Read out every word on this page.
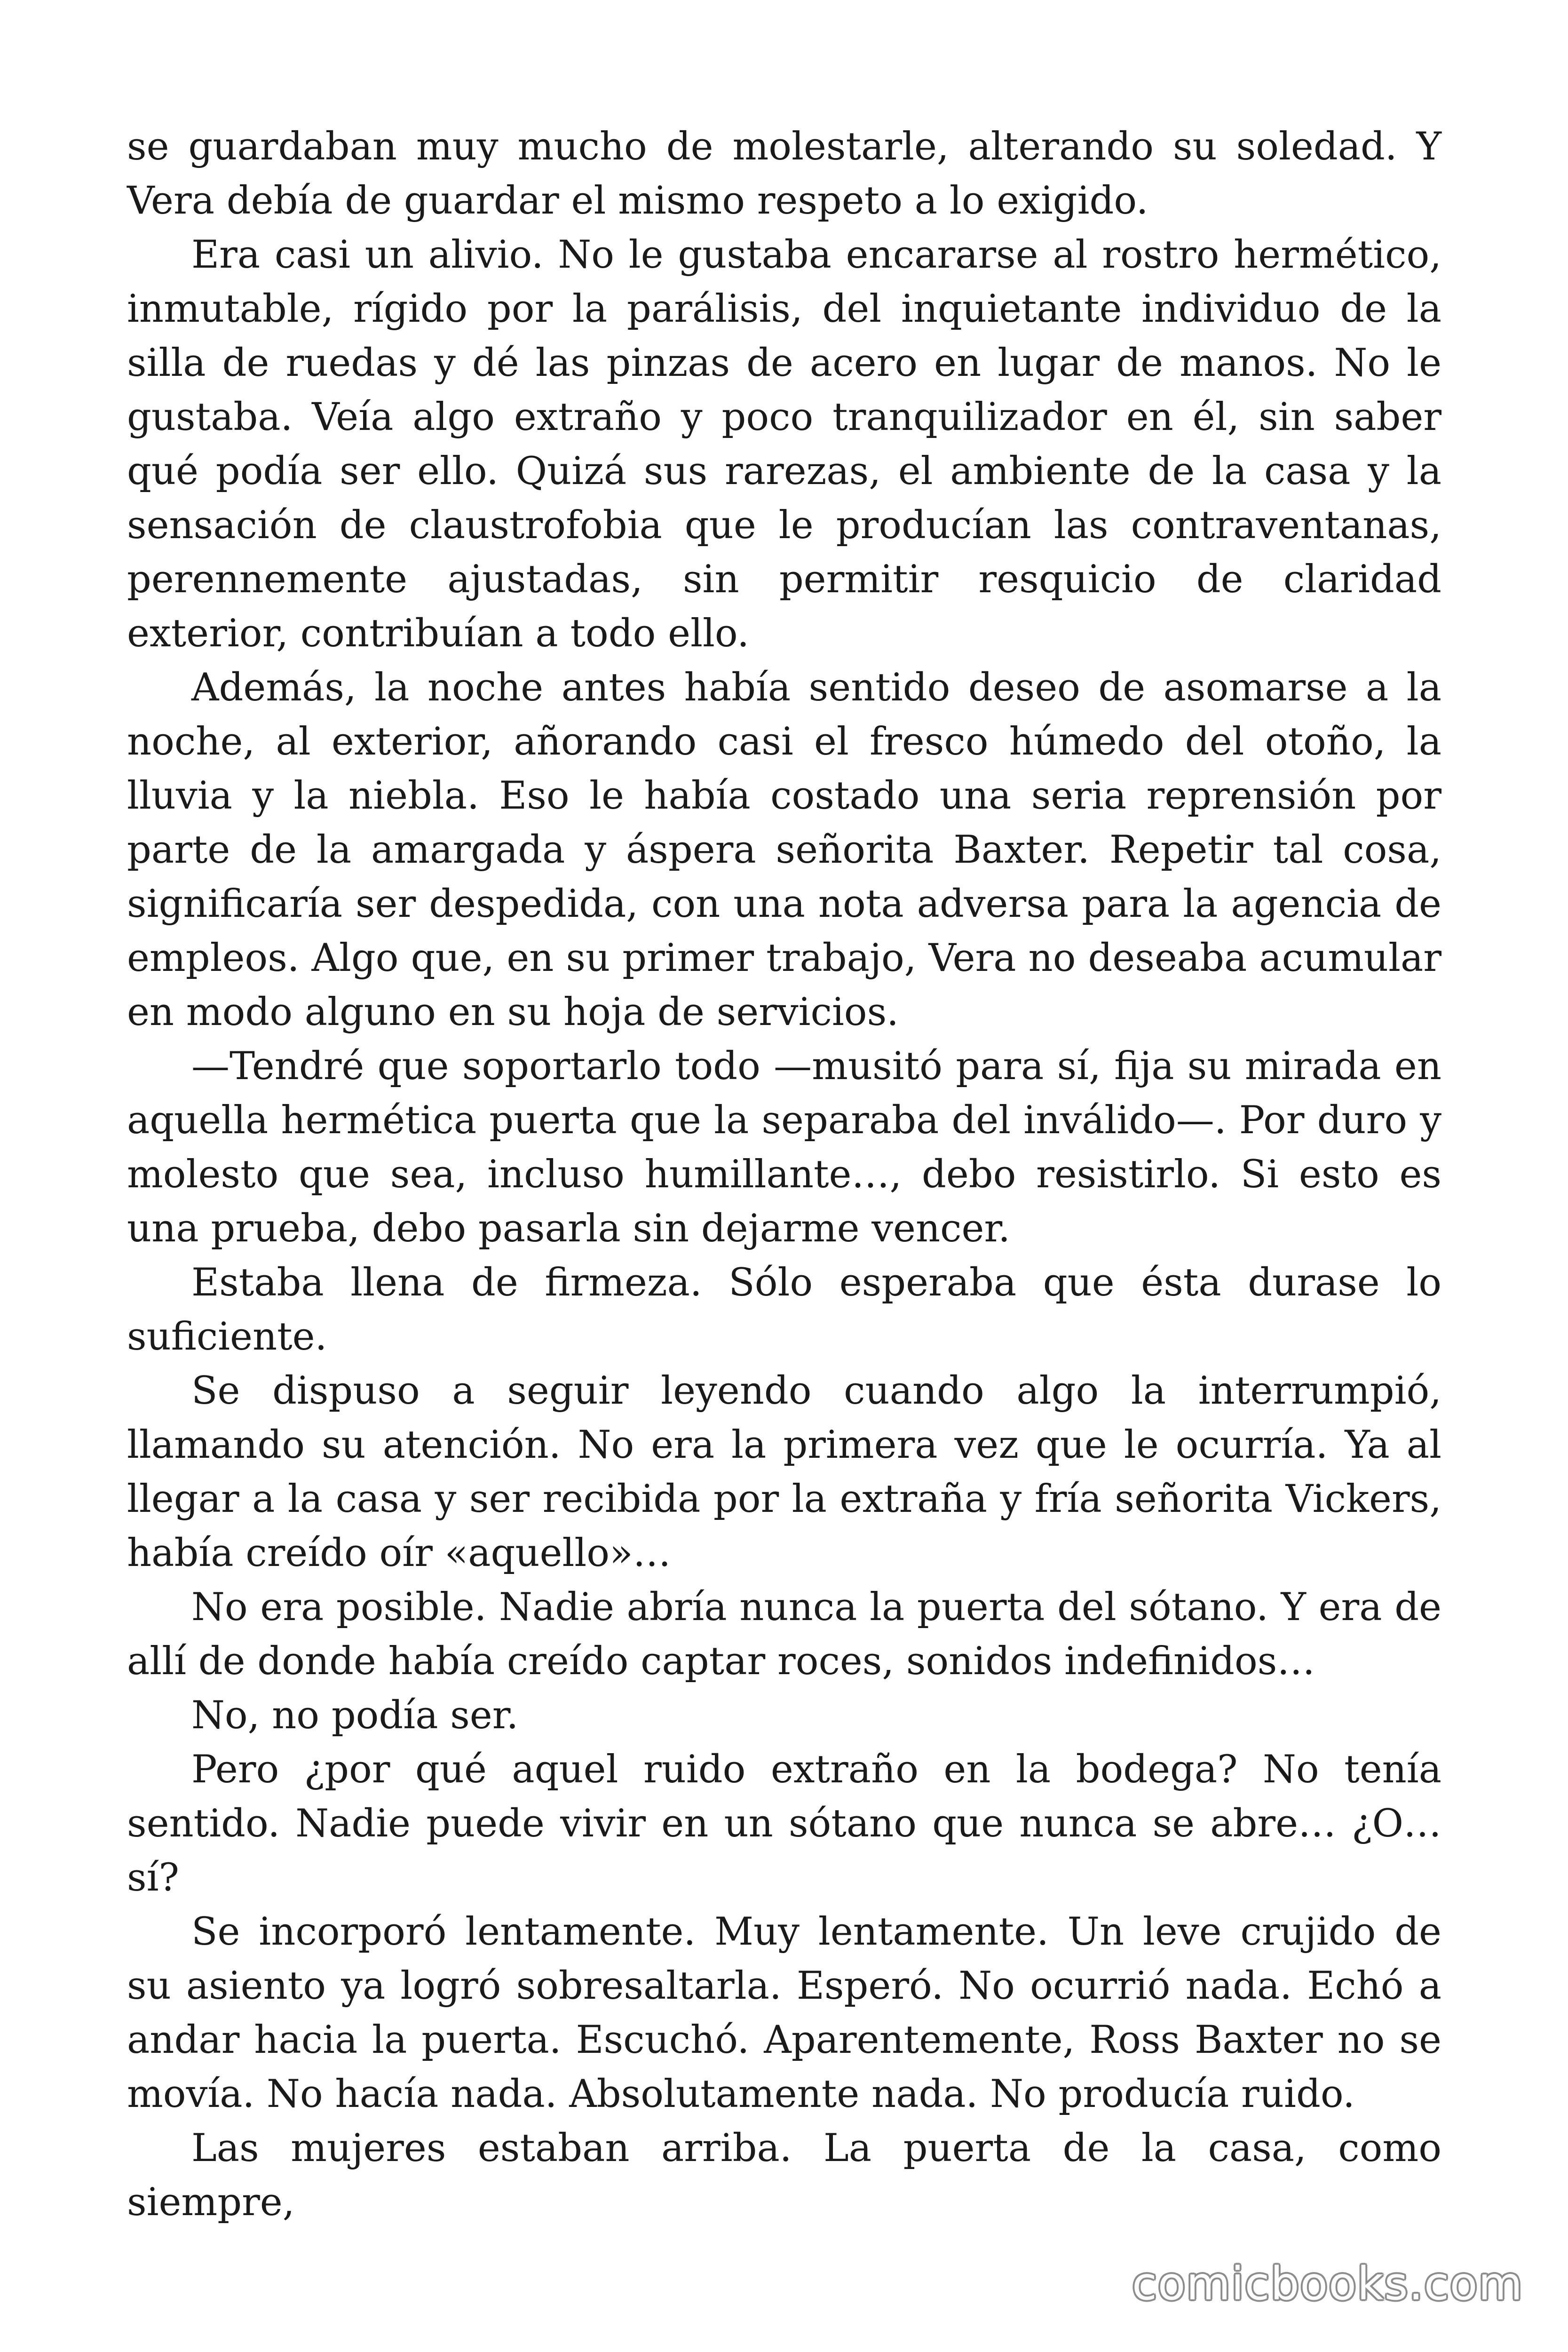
se guardaban muy mucho de molestarle, alterando su soledad. Y Vera debía de guardar el mismo respeto a lo exigido.

Era casi un alivio. No le gustaba encararse al rostro hermético, inmutable, rígido por la parálisis, del inquietante individuo de la silla de ruedas y dé las pinzas de acero en lugar de manos. No le gustaba. Veía algo extraño y poco tranquilizador en él, sin saber qué podía ser ello. Quizá sus rarezas, el ambiente de la casa y la sensación de claustrofobia que le producían las contraventanas, perennemente ajustadas, sin permitir resquicio de claridad exterior, contribuían a todo ello.

Además, la noche antes había sentido deseo de asomarse a la noche, al exterior, añorando casi el fresco húmedo del otoño, la lluvia y la niebla. Eso le había costado una seria reprensión por parte de la amargada y áspera señorita Baxter. Repetir tal cosa, significaría ser despedida, con una nota adversa para la agencia de empleos. Algo que, en su primer trabajo, Vera no deseaba acumular en modo alguno en su hoja de servicios.

—Tendré que soportarlo todo —musitó para sí, fija su mirada en aquella hermética puerta que la separaba del inválido—. Por duro y molesto que sea, incluso humillante…, debo resistirlo. Si esto es una prueba, debo pasarla sin dejarme vencer.

Estaba llena de firmeza. Sólo esperaba que ésta durase lo suficiente.

Se dispuso a seguir leyendo cuando algo la interrumpió, llamando su atención. No era la primera vez que le ocurría. Ya al llegar a la casa y ser recibida por la extraña y fría señorita Vickers, había creído oír «aquello»…

No era posible. Nadie abría nunca la puerta del sótano. Y era de allí de donde había creído captar roces, sonidos indefinidos…

No, no podía ser.

Pero ¿por qué aquel ruido extraño en la bodega? No tenía sentido. Nadie puede vivir en un sótano que nunca se abre… ¿O… sí?

Se incorporó lentamente. Muy lentamente. Un leve crujido de su asiento ya logró sobresaltarla. Esperó. No ocurrió nada. Echó a andar hacia la puerta. Escuchó. Aparentemente, Ross Baxter no se movía. No hacía nada. Absolutamente nada. No producía ruido.

Las mujeres estaban arriba. La puerta de la casa, como siempre,

comicbooks.com
